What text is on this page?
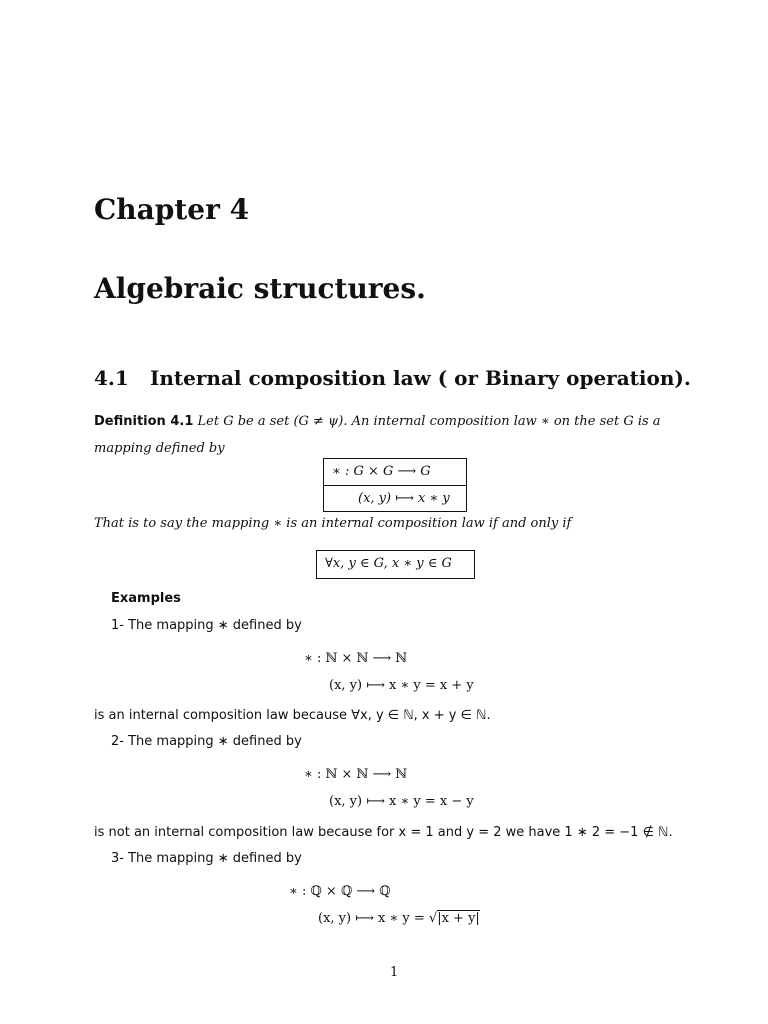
Chapter 4
Algebraic structures.
4.1 Internal composition law ( or Binary operation).
Definition 4.1 Let G be a set (G ≠ ψ). An internal composition law ∗ on the set G is a
mapping defined by
∗ : G × G ⟶ G
(x, y) ⟼ x ∗ y
That is to say the mapping ∗ is an internal composition law if and only if
∀x, y ∈ G, x ∗ y ∈ G
Examples
1- The mapping ∗ defined by
∗ : ℕ × ℕ ⟶ ℕ
(x, y) ⟼ x ∗ y = x + y
is an internal composition law because ∀x, y ∈ ℕ, x + y ∈ ℕ.
2- The mapping ∗ defined by
∗ : ℕ × ℕ ⟶ ℕ
(x, y) ⟼ x ∗ y = x − y
is not an internal composition law because for x = 1 and y = 2 we have 1 ∗ 2 = −1 ∉ ℕ.
3- The mapping ∗ defined by
∗ : ℚ × ℚ ⟶ ℚ
(x, y) ⟼ x ∗ y = √|x + y|
1
